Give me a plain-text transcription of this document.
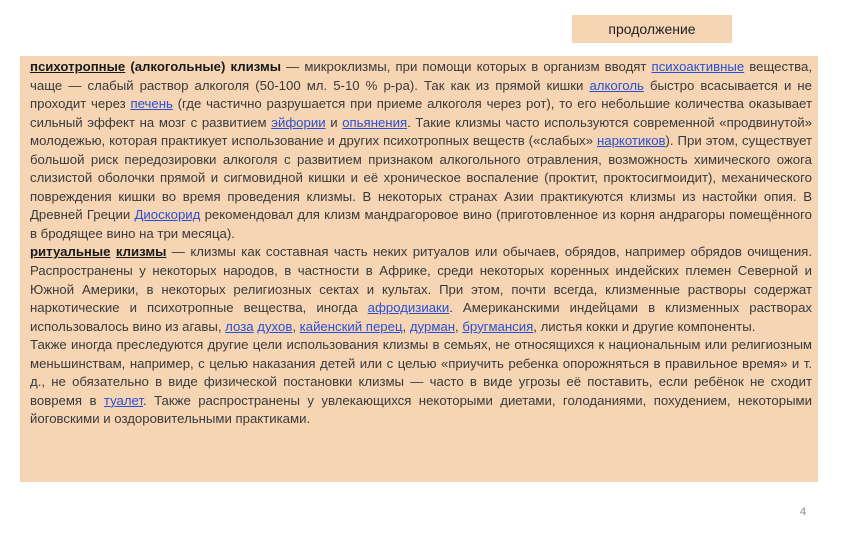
продолжение

психотропные (алкогольные) клизмы — микроклизмы, при помощи которых в организм вводят психоактивные вещества, чаще — слабый раствор алкоголя (50-100 мл. 5-10 % р-ра). Так как из прямой кишки алкоголь быстро всасывается и не проходит через печень (где частично разрушается при приеме алкоголя через рот), то его небольшие количества оказывает сильный эффект на мозг с развитием эйфории и опьянения. Такие клизмы часто используются современной «продвинутой» молодежью, которая практикует использование и других психотропных веществ («слабых» наркотиков). При этом, существует большой риск передозировки алкоголя с развитием признаком алкогольного отравления, возможность химического ожога слизистой оболочки прямой и сигмовидной кишки и её хроническое воспаление (проктит, проктосигмоидит), механического повреждения кишки во время проведения клизмы. В некоторых странах Азии практикуются клизмы из настойки опия. В Древней Греции Диоскорид рекомендовал для клизм мандрагоровое вино (приготовленное из корня андрагоры помещённого в бродящее вино на три месяца).

ритуальные клизмы — клизмы как составная часть неких ритуалов или обычаев, обрядов, например обрядов очищения. Распространены у некоторых народов, в частности в Африке, среди некоторых коренных индейских племен Северной и Южной Америки, в некоторых религиозных сектах и культах. При этом, почти всегда, клизменные растворы содержат наркотические и психотропные вещества, иногда афродизиаки. Американскими индейцами в клизменных растворах использовалось вино из агавы, лоза духов, кайенский перец, дурман, бругмансия, листья кокки и другие компоненты.

Также иногда преследуются другие цели использования клизмы в семьях, не относящихся к национальным или религиозным меньшинствам, например, с целью наказания детей или с целью «приучить ребенка опорожняться в правильное время» и т. д., не обязательно в виде физической постановки клизмы — часто в виде угрозы её поставить, если ребёнок не сходит вовремя в туалет. Также распространены у увлекающихся некоторыми диетами, голоданиями, похудением, некоторыми йоговскими и оздоровительными практиками.

4
